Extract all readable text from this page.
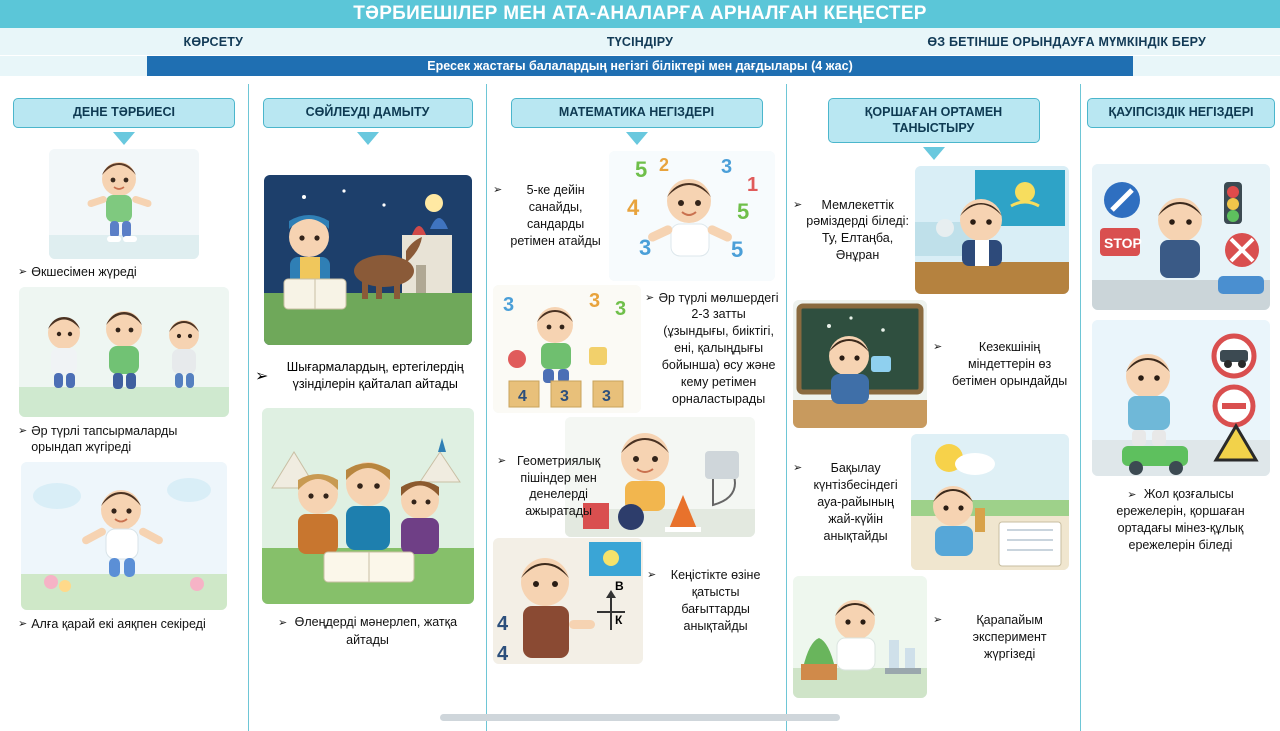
ТӘРБИЕШІЛЕР МЕН АТА-АНАЛАРҒА АРНАЛҒАН КЕҢЕСТЕР
КӨРСЕТУ	ТҮСІНДІРУ	ӨЗ БЕТІНШЕ ОРЫНДАУҒА МҮМКІНДІК БЕРУ
Ересек жастағы балалардың негізгі біліктері мен дағдылары (4 жас)
ДЕНЕ ТӘРБИЕСІ
➢ Өкшесімен жүреді
➢ Әр түрлі тапсырмаларды орындап жүгіреді
➢ Алға қарай екі аяқпен секіреді
СӨЙЛЕУДІ ДАМЫТУ
➢
Шығармалардың, ертегілердің үзінділерін қайталап айтады
➢ Өлеңдерді мәнерлеп, жатқа айтады
МАТЕМАТИКА НЕГІЗДЕРІ
➢	5-ке дейін санайды, сандарды ретімен атайды
5 2	3
1
4	5
3	5
4 3 3
3	3 3
➢ Әр түрлі мөлшердегі 2-3 затты (ұзындығы, биіктігі, ені, қалыңдығы бойынша) өсу және кему ретімен орналастырады
➢ Геометриялық пішіндер мен денелерді ажыратады
В
К
4
4
➢	Кеңістікте өзіне қатысты бағыттарды анықтайды
ҚОРШАҒАН ОРТАМЕН ТАНЫСТЫРУ
➢	Мемлекеттік рәміздерді біледі: Ту, Елтаңба, Әнұран
➢	Кезекшінің міндеттерін өз бетімен орындайды
➢	Бақылау күнтізбесіндегі ауа-райының жай-күйін анықтайды
➢	Қарапайым эксперимент жүргізеді
ҚАУІПСІЗДІК НЕГІЗДЕРІ
STOP
➢ Жол қозғалысы ережелерін, қоршаған ортадағы мінез-құлық ережелерін біледі
